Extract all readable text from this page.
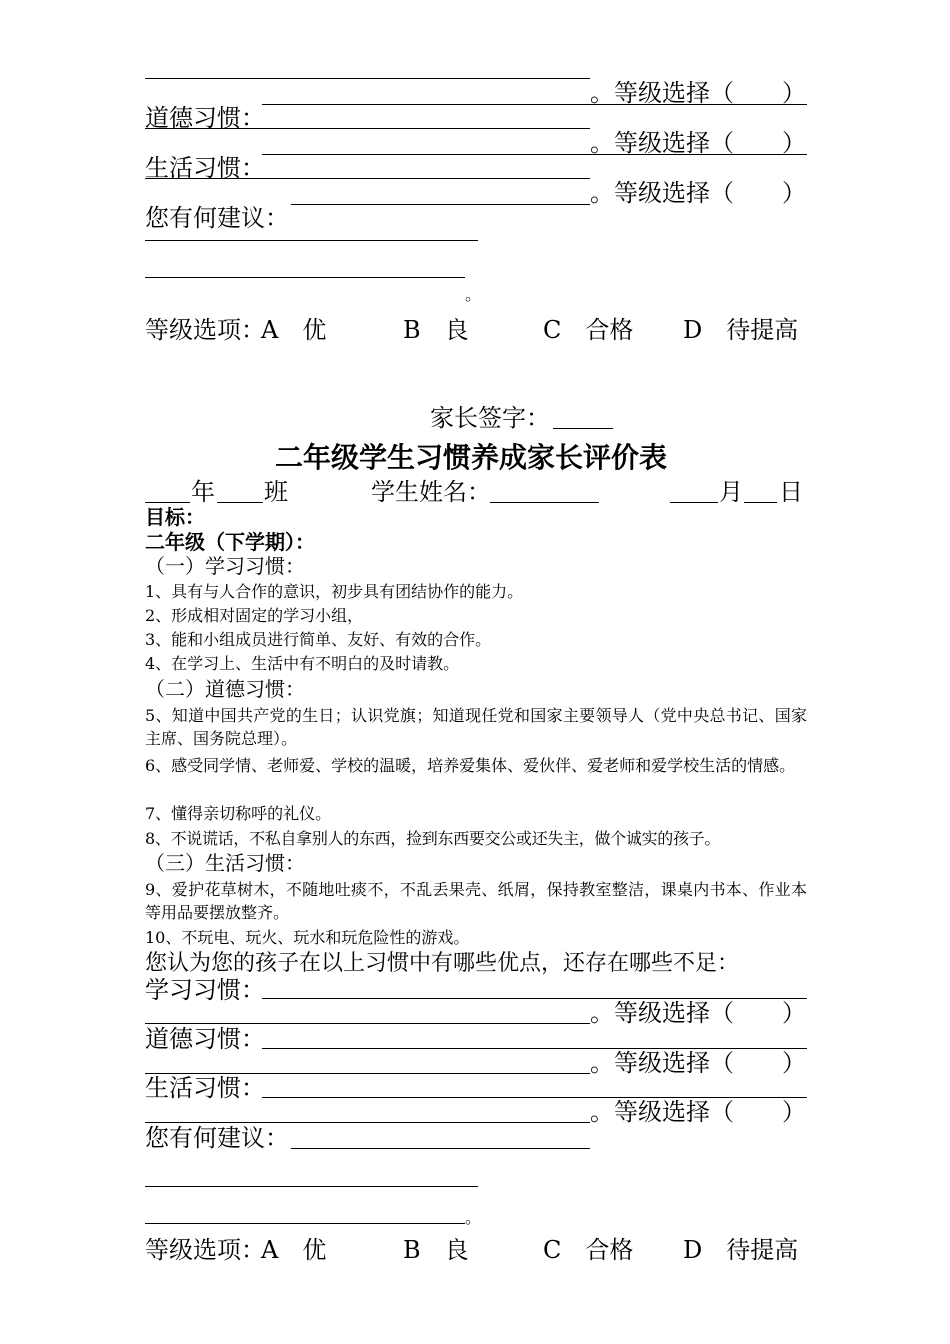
。等级选择（　　）
道德习惯：
。等级选择（　　）
生活习惯：
。等级选择（　　）
您有何建议：
。
等级选项：
A　优	B　良	C　合格 D　待提高
家长签字：
二年级学生习惯养成家长评价表
年 班	学生姓名：	月 日
目标：
二年级（下学期）：
（一）学习习惯：
1、具有与人合作的意识，初步具有团结协作的能力。
2、形成相对固定的学习小组，
3、能和小组成员进行简单、友好、有效的合作。
4、在学习上、生活中有不明白的及时请教。
（二）道德习惯：
5、知道中国共产党的生日；认识党旗；知道现任党和国家主要领导人（党中央总书记、国家主席、国务院总理）。
6、感受同学情、老师爱、学校的温暖，培养爱集体、爱伙伴、爱老师和爱学校生活的情感。
7、懂得亲切称呼的礼仪。
8、不说谎话，不私自拿别人的东西，捡到东西要交公或还失主，做个诚实的孩子。
（三）生活习惯：
9、爱护花草树木，不随地吐痰不，不乱丢果壳、纸屑，保持教室整洁，课桌内书本、作业本等用品要摆放整齐。
10、不玩电、玩火、玩水和玩危险性的游戏。
您认为您的孩子在以上习惯中有哪些优点，还存在哪些不足：
学习习惯：
。等级选择（　　）
道德习惯：
。等级选择（　　）
生活习惯：
。等级选择（　　）
您有何建议：
。
等级选项：
A　优	B　良	C　合格 D　待提高
